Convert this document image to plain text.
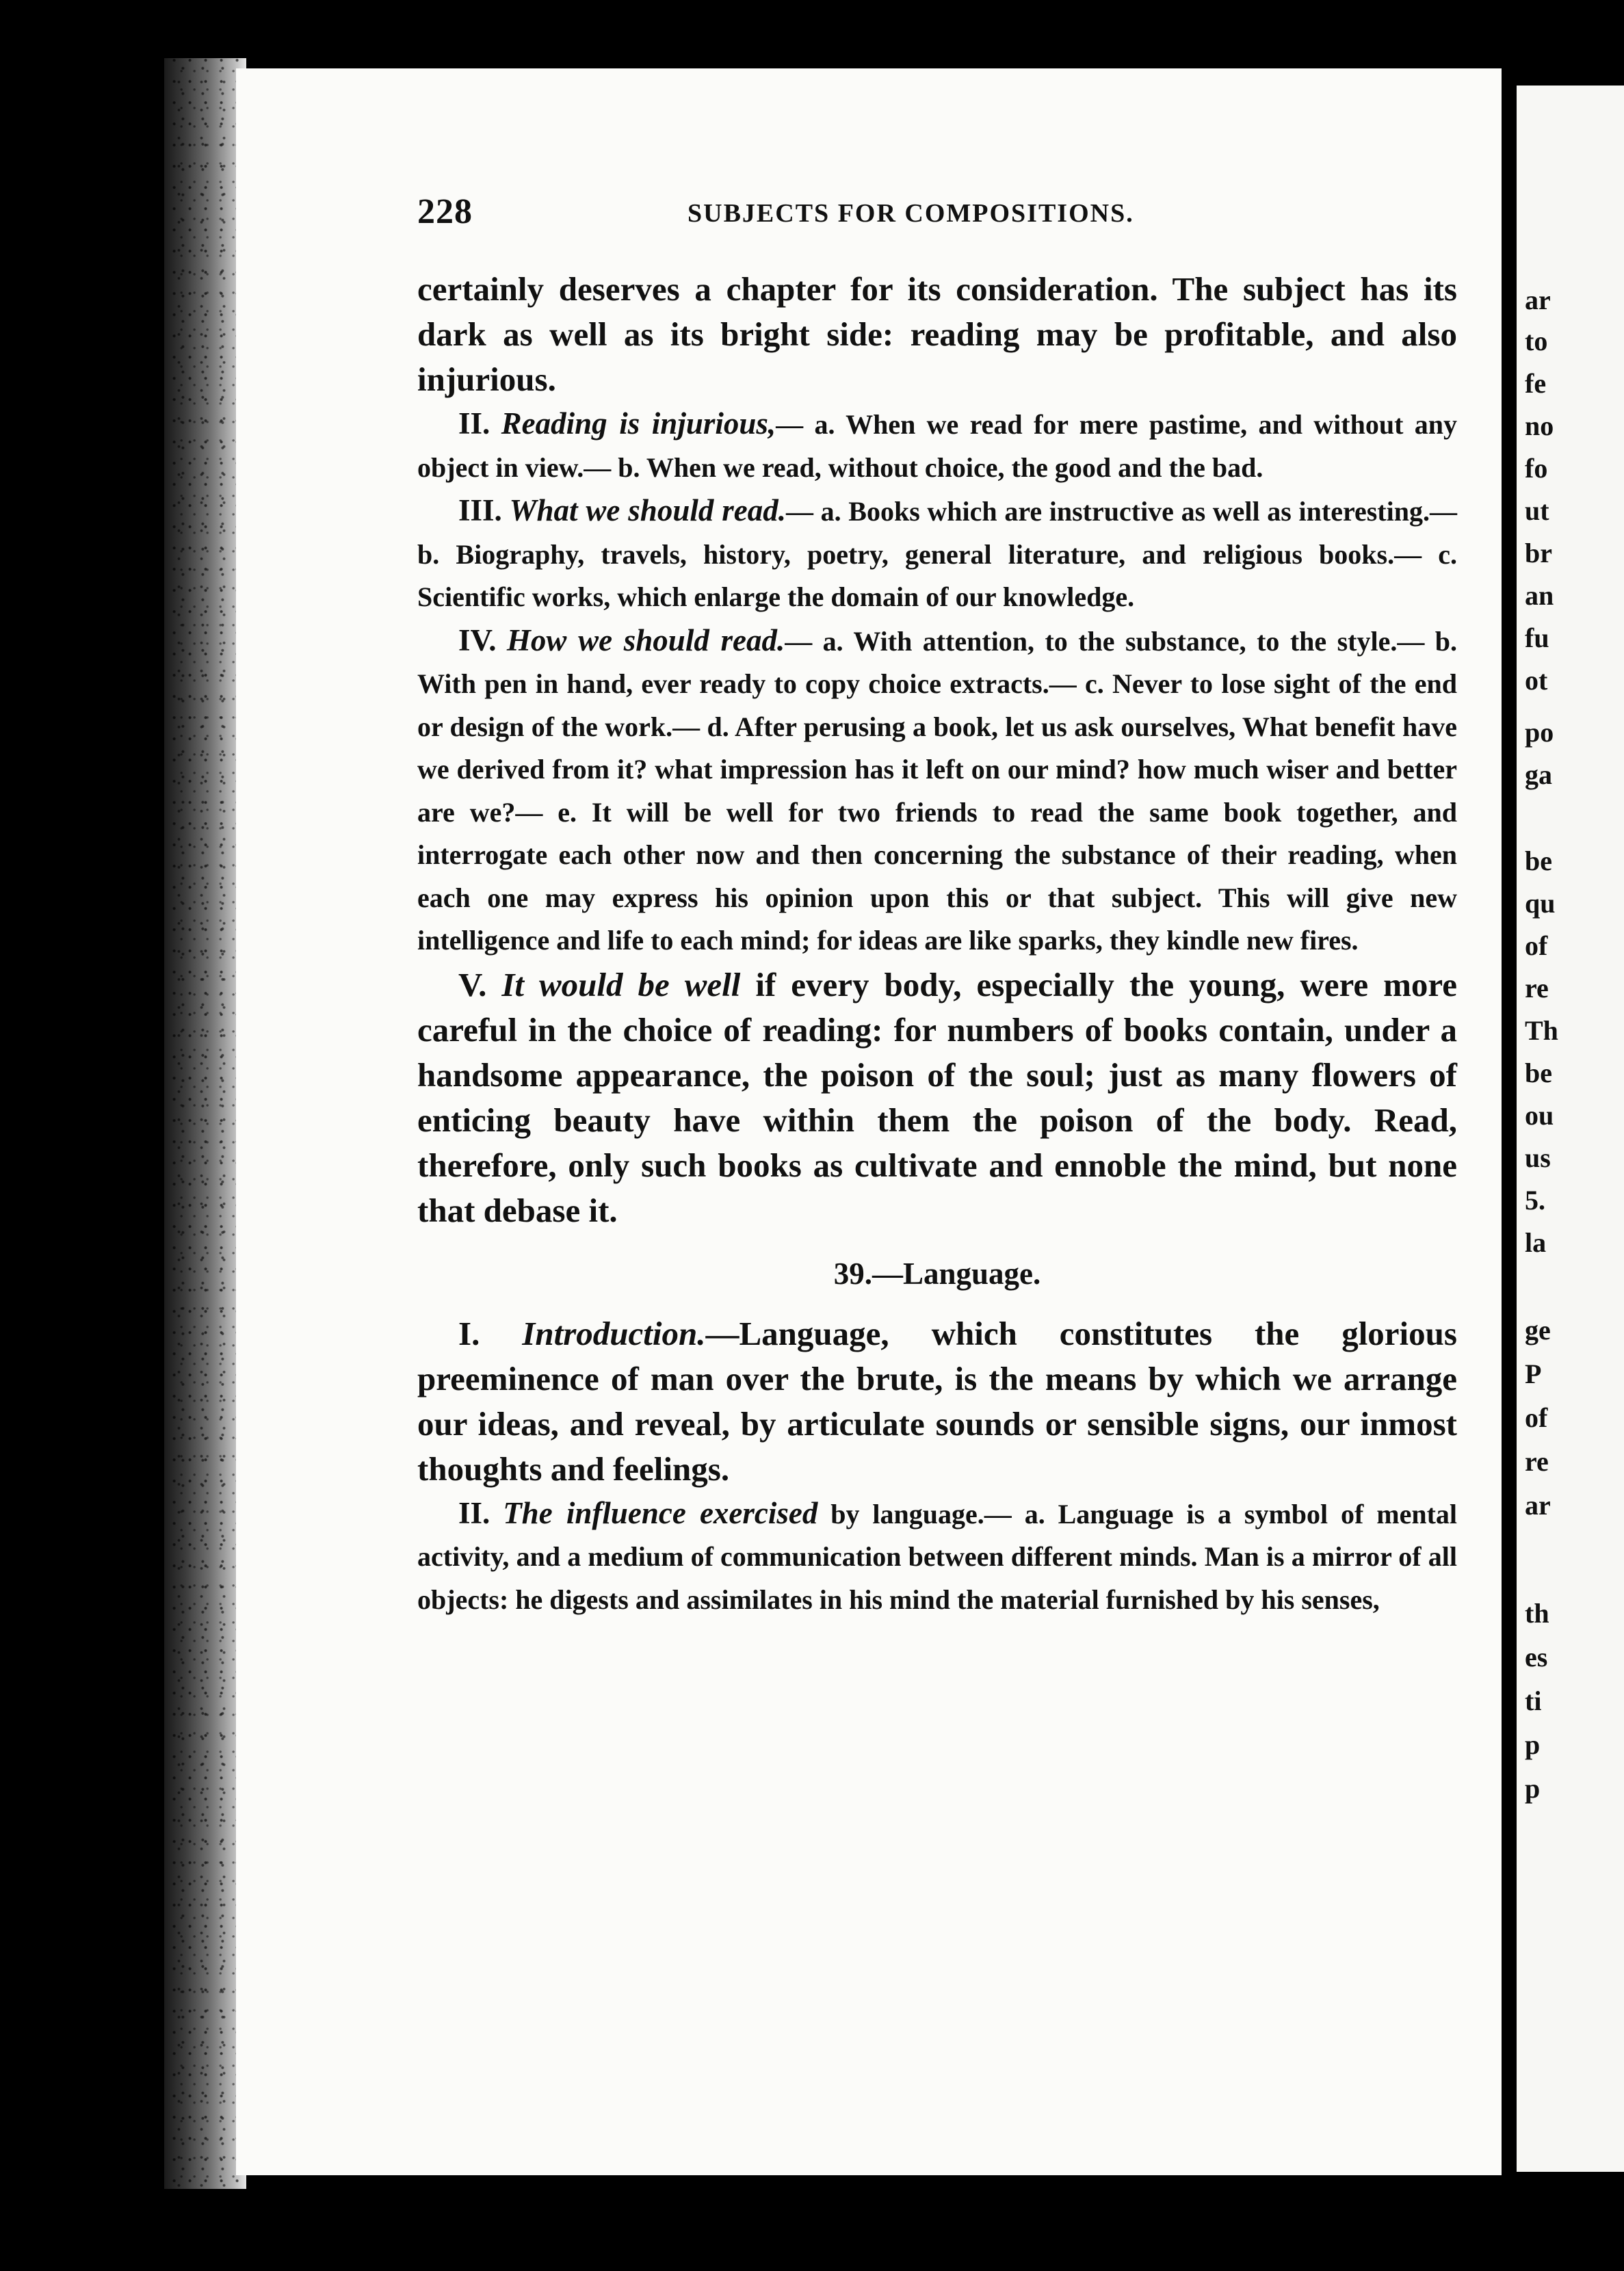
ar
to
fe
no
fo
ut
br
an
fu
ot
po
ga
be
qu
of
re
Th
be
ou
us
5.
la
ge
P
of
re
ar
th
es
ti
p
p
228	SUBJECTS FOR COMPOSITIONS.

certainly deserves a chapter for its consideration. The subject has its dark as well as its bright side: reading may be profitable, and also injurious.

II. Reading is injurious,— a. When we read for mere pastime, and without any object in view.— b. When we read, without choice, the good and the bad.

III. What we should read.— a. Books which are instructive as well as interesting.— b. Biography, travels, history, poetry, general literature, and religious books.— c. Scientific works, which enlarge the domain of our knowledge.

IV. How we should read.— a. With attention, to the substance, to the style.— b. With pen in hand, ever ready to copy choice extracts.— c. Never to lose sight of the end or design of the work.— d. After perusing a book, let us ask ourselves, What benefit have we derived from it? what impression has it left on our mind? how much wiser and better are we?— e. It will be well for two friends to read the same book together, and interrogate each other now and then concerning the substance of their reading, when each one may express his opinion upon this or that subject. This will give new intelligence and life to each mind; for ideas are like sparks, they kindle new fires.

V. It would be well if every body, especially the young, were more careful in the choice of reading: for numbers of books contain, under a handsome appearance, the poison of the soul; just as many flowers of enticing beauty have within them the poison of the body. Read, therefore, only such books as cultivate and ennoble the mind, but none that debase it.

39.—Language.

I. Introduction.—Language, which constitutes the glorious preeminence of man over the brute, is the means by which we arrange our ideas, and reveal, by articulate sounds or sensible signs, our inmost thoughts and feelings.

II. The influence exercised by language.— a. Language is a symbol of mental activity, and a medium of communication between different minds. Man is a mirror of all objects: he digests and assimilates in his mind the material furnished by his senses,
